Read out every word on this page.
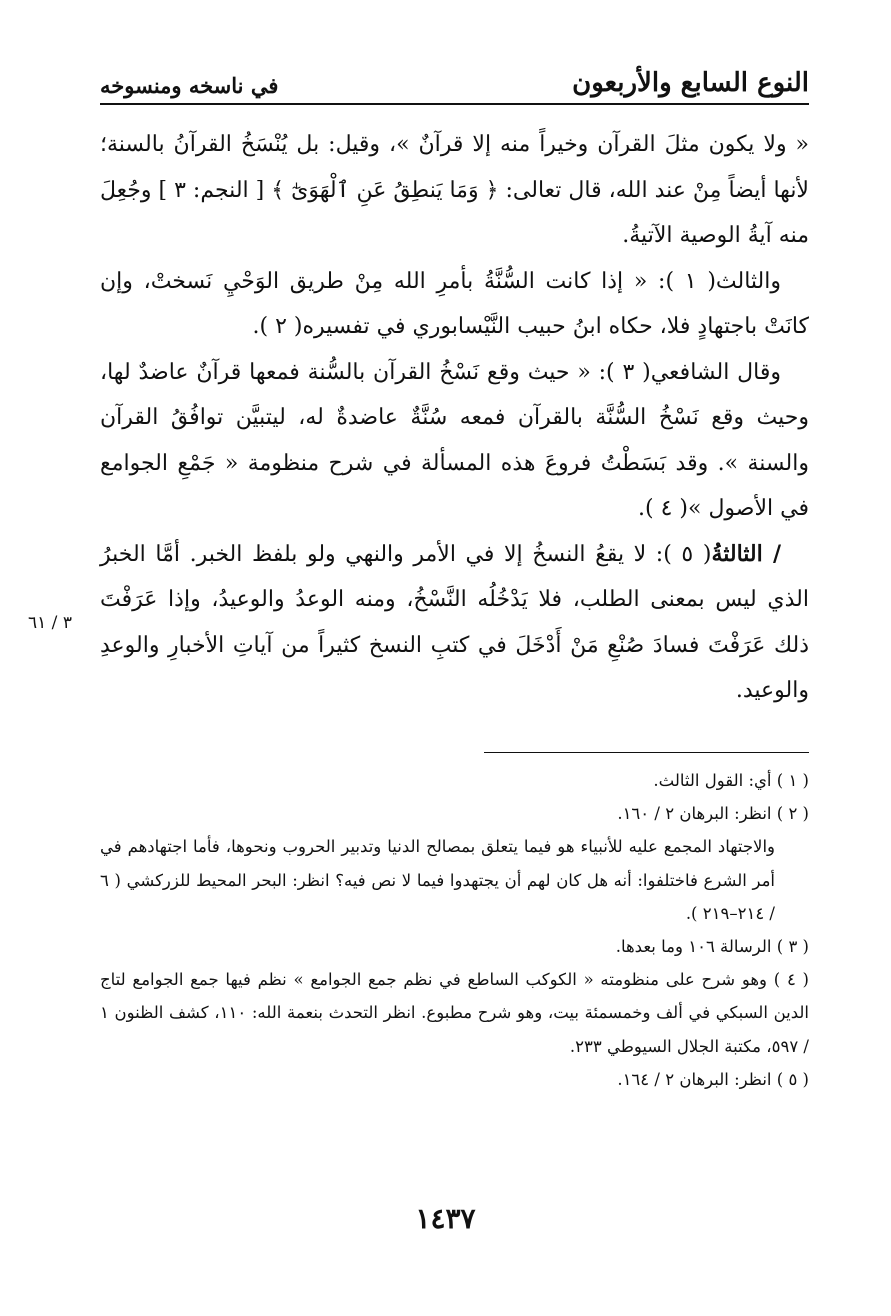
النوع السابع والأربعون
في ناسخه ومنسوخه

« ولا يكون مثلَ القرآن وخيراً منه إلا قرآنٌ »، وقيل: بل يُنْسَخُ القرآنُ بالسنة؛ لأنها أيضاً مِنْ عند الله، قال تعالى: ﴿ وَمَا يَنطِقُ عَنِ ٱلْهَوَىٰٓ ﴾ [ النجم: ٣ ] وجُعِلَ منه آيةُ الوصية الآتيةُ.

والثالث( ١ ): « إذا كانت السُّنَّةُ بأمرِ الله مِنْ طريق الوَحْيِ نَسختْ، وإن كانَتْ باجتهادٍ فلا، حكاه ابنُ حبيب النَّيْسابوري في تفسيره( ٢ ).

وقال الشافعي( ٣ ): « حيث وقع نَسْخُ القرآن بالسُّنة فمعها قرآنٌ عاضدٌ لها، وحيث وقع نَسْخُ السُّنَّة بالقرآن فمعه سُنَّةٌ عاضدةٌ له، ليتبيَّن توافُقُ القرآن والسنة ». وقد بَسَطْتُ فروعَ هذه المسألة في شرح منظومة « جَمْعِ الجوامع في الأصول »( ٤ ).

/ الثالثةُ( ٥ ): لا يقعُ النسخُ إلا في الأمر والنهي ولو بلفظ الخبر. أمَّا الخبرُ الذي ليس بمعنى الطلب، فلا يَدْخُلُه النَّسْخُ، ومنه الوعدُ والوعيدُ، وإذا عَرَفْتَ ذلك عَرَفْتَ فسادَ صُنْعِ مَنْ أَدْخَلَ في كتبِ النسخ كثيراً من آياتِ الأخبارِ والوعدِ والوعيد.

٣ / ٦١

( ١ ) أي: القول الثالث.

( ٢ ) انظر: البرهان ٢ / ١٦٠.

والاجتهاد المجمع عليه للأنبياء هو فيما يتعلق بمصالح الدنيا وتدبير الحروب ونحوها، فأما اجتهادهم في أمر الشرع فاختلفوا: أنه هل كان لهم أن يجتهدوا فيما لا نص فيه؟ انظر: البحر المحيط للزركشي ( ٦ / ٢١٤–٢١٩ ).

( ٣ ) الرسالة ١٠٦ وما بعدها.

( ٤ ) وهو شرح على منظومته « الكوكب الساطع في نظم جمع الجوامع » نظم فيها جمع الجوامع لتاج الدين السبكي في ألف وخمسمئة بيت، وهو شرح مطبوع. انظر التحدث بنعمة الله: ١١٠، كشف الظنون ١ / ٥٩٧، مكتبة الجلال السيوطي ٢٣٣.

( ٥ ) انظر: البرهان ٢ / ١٦٤.

١٤٣٧
